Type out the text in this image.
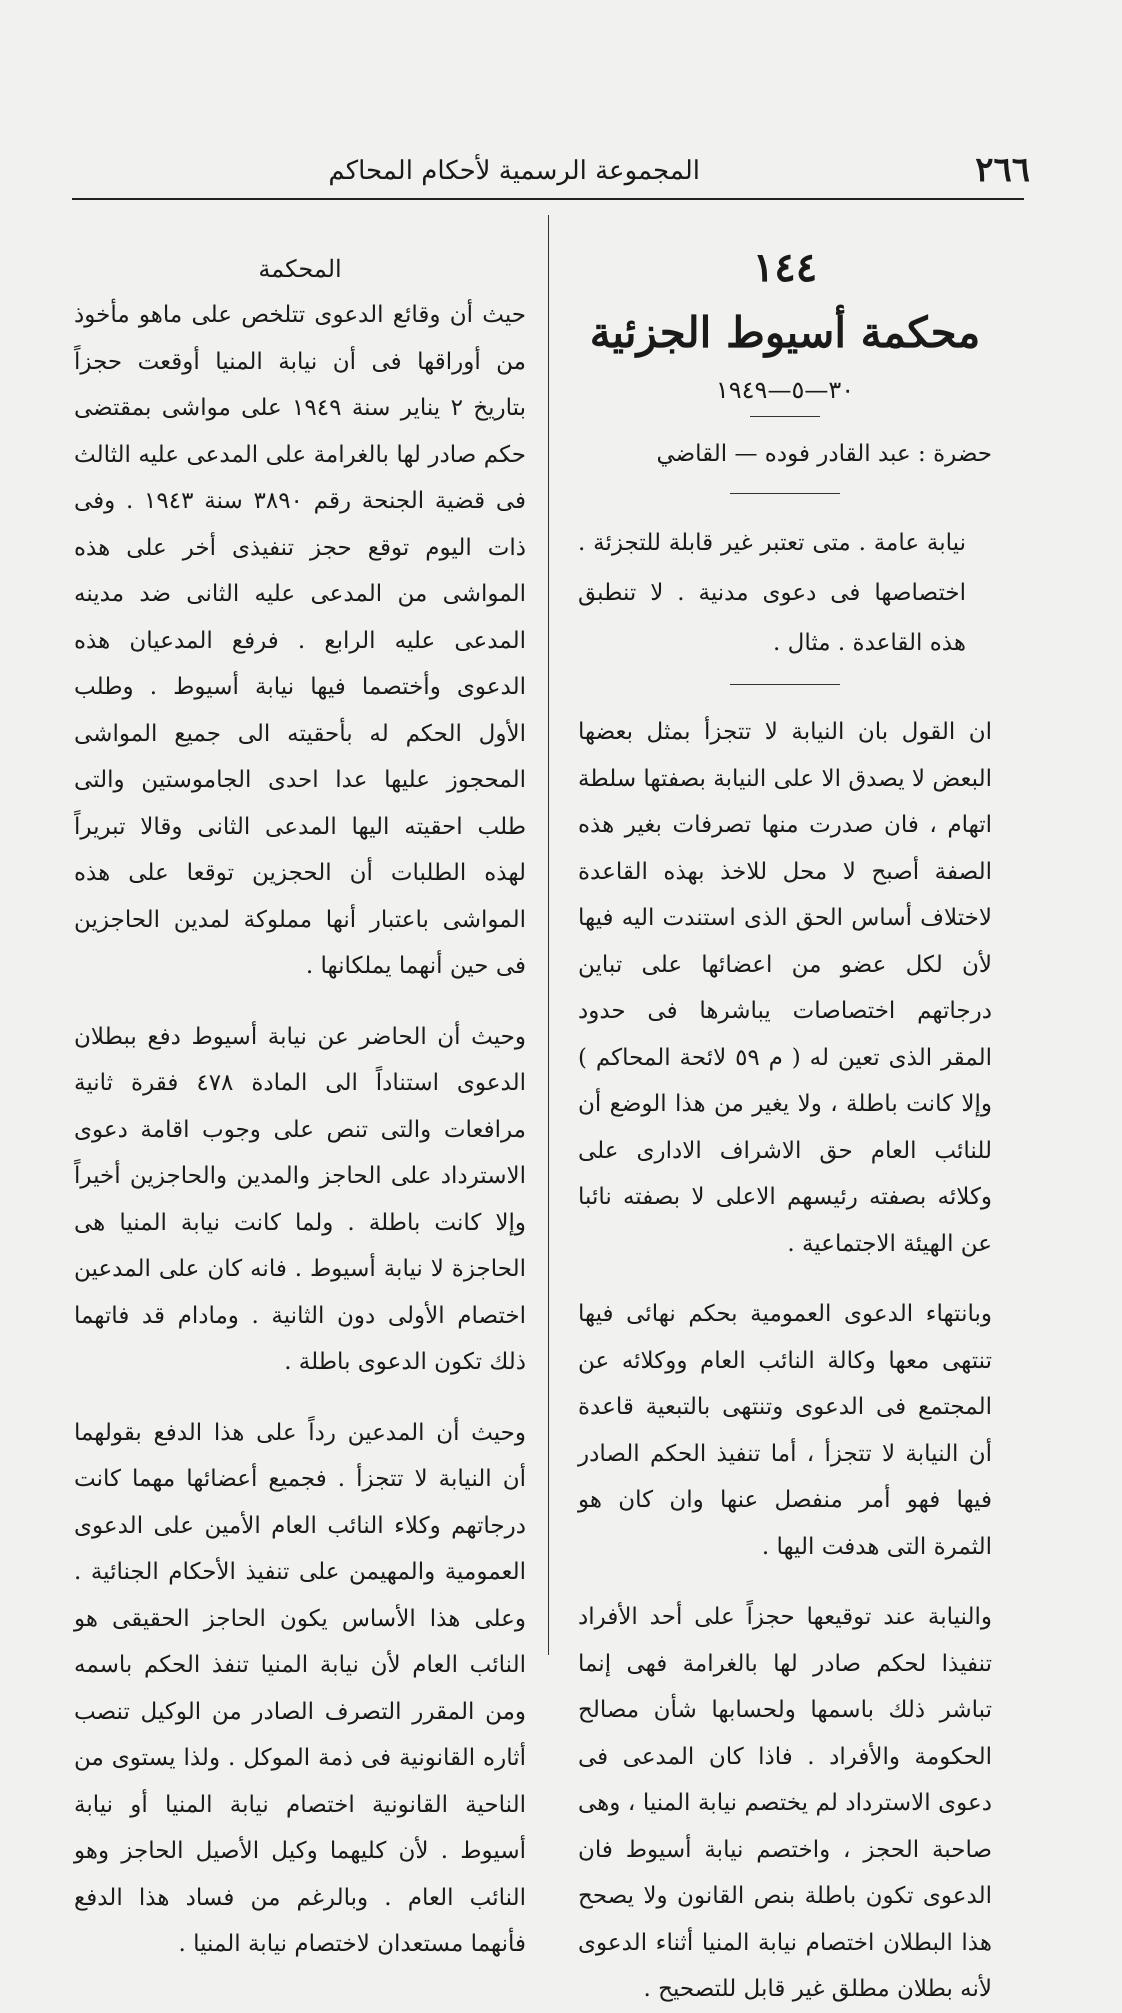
٢٦٦
المجموعة الرسمية لأحكام المحاكم
١٤٤
محكمة أسيوط الجزئية
٣٠—٥—١٩٤٩

حضرة : عبد القادر فوده — القاضي

نيابة عامة . متى تعتبر غير قابلة للتجزئة . اختصاصها فى دعوى مدنية . لا تنطبق هذه القاعدة . مثال .

ان القول بان النيابة لا تتجزأ بمثل بعضها البعض لا يصدق الا على النيابة بصفتها سلطة اتهام ، فان صدرت منها تصرفات بغير هذه الصفة أصبح لا محل للاخذ بهذه القاعدة لاختلاف أساس الحق الذى استندت اليه فيها لأن لكل عضو من اعضائها على تباين درجاتهم اختصاصات يباشرها فى حدود المقر الذى تعين له ( م ٥٩ لائحة المحاكم ) وإلا كانت باطلة ، ولا يغير من هذا الوضع أن للنائب العام حق الاشراف الادارى على وكلائه بصفته رئيسهم الاعلى لا بصفته نائبا عن الهيئة الاجتماعية .

وبانتهاء الدعوى العمومية بحكم نهائى فيها تنتهى معها وكالة النائب العام ووكلائه عن المجتمع فى الدعوى وتنتهى بالتبعية قاعدة أن النيابة لا تتجزأ ، أما تنفيذ الحكم الصادر فيها فهو أمر منفصل عنها وان كان هو الثمرة التى هدفت اليها .

والنيابة عند توقيعها حجزاً على أحد الأفراد تنفيذا لحكم صادر لها بالغرامة فهى إنما تباشر ذلك باسمها ولحسابها شأن مصالح الحكومة والأفراد . فاذا كان المدعى فى دعوى الاسترداد لم يختصم نيابة المنيا ، وهى صاحبة الحجز ، واختصم نيابة أسيوط فان الدعوى تكون باطلة بنص القانون ولا يصحح هذا البطلان اختصام نيابة المنيا أثناء الدعوى لأنه بطلان مطلق غير قابل للتصحيح .

المحكمة

حيث أن وقائع الدعوى تتلخص على ماهو مأخوذ من أوراقها فى أن نيابة المنيا أوقعت حجزاً بتاريخ ٢ يناير سنة ١٩٤٩ على مواشى بمقتضى حكم صادر لها بالغرامة على المدعى عليه الثالث فى قضية الجنحة رقم ٣٨٩٠ سنة ١٩٤٣ . وفى ذات اليوم توقع حجز تنفيذى أخر على هذه المواشى من المدعى عليه الثانى ضد مدينه المدعى عليه الرابع . فرفع المدعيان هذه الدعوى وأختصما فيها نيابة أسيوط . وطلب الأول الحكم له بأحقيته الى جميع المواشى المحجوز عليها عدا احدى الجاموستين والتى طلب احقيته اليها المدعى الثانى وقالا تبريراً لهذه الطلبات أن الحجزين توقعا على هذه المواشى باعتبار أنها مملوكة لمدين الحاجزين فى حين أنهما يملكانها .

وحيث أن الحاضر عن نيابة أسيوط دفع ببطلان الدعوى استناداً الى المادة ٤٧٨ فقرة ثانية مرافعات والتى تنص على وجوب اقامة دعوى الاسترداد على الحاجز والمدين والحاجزين أخيراً وإلا كانت باطلة . ولما كانت نيابة المنيا هى الحاجزة لا نيابة أسيوط . فانه كان على المدعين اختصام الأولى دون الثانية . ومادام قد فاتهما ذلك تكون الدعوى باطلة .

وحيث أن المدعين رداً على هذا الدفع بقولهما أن النيابة لا تتجزأ . فجميع أعضائها مهما كانت درجاتهم وكلاء النائب العام الأمين على الدعوى العمومية والمهيمن على تنفيذ الأحكام الجنائية . وعلى هذا الأساس يكون الحاجز الحقيقى هو النائب العام لأن نيابة المنيا تنفذ الحكم باسمه ومن المقرر التصرف الصادر من الوكيل تنصب أثاره القانونية فى ذمة الموكل . ولذا يستوى من الناحية القانونية اختصام نيابة المنيا أو نيابة أسيوط . لأن كليهما وكيل الأصيل الحاجز وهو النائب العام . وبالرغم من فساد هذا الدفع فأنهما مستعدان لاختصام نيابة المنيا .
